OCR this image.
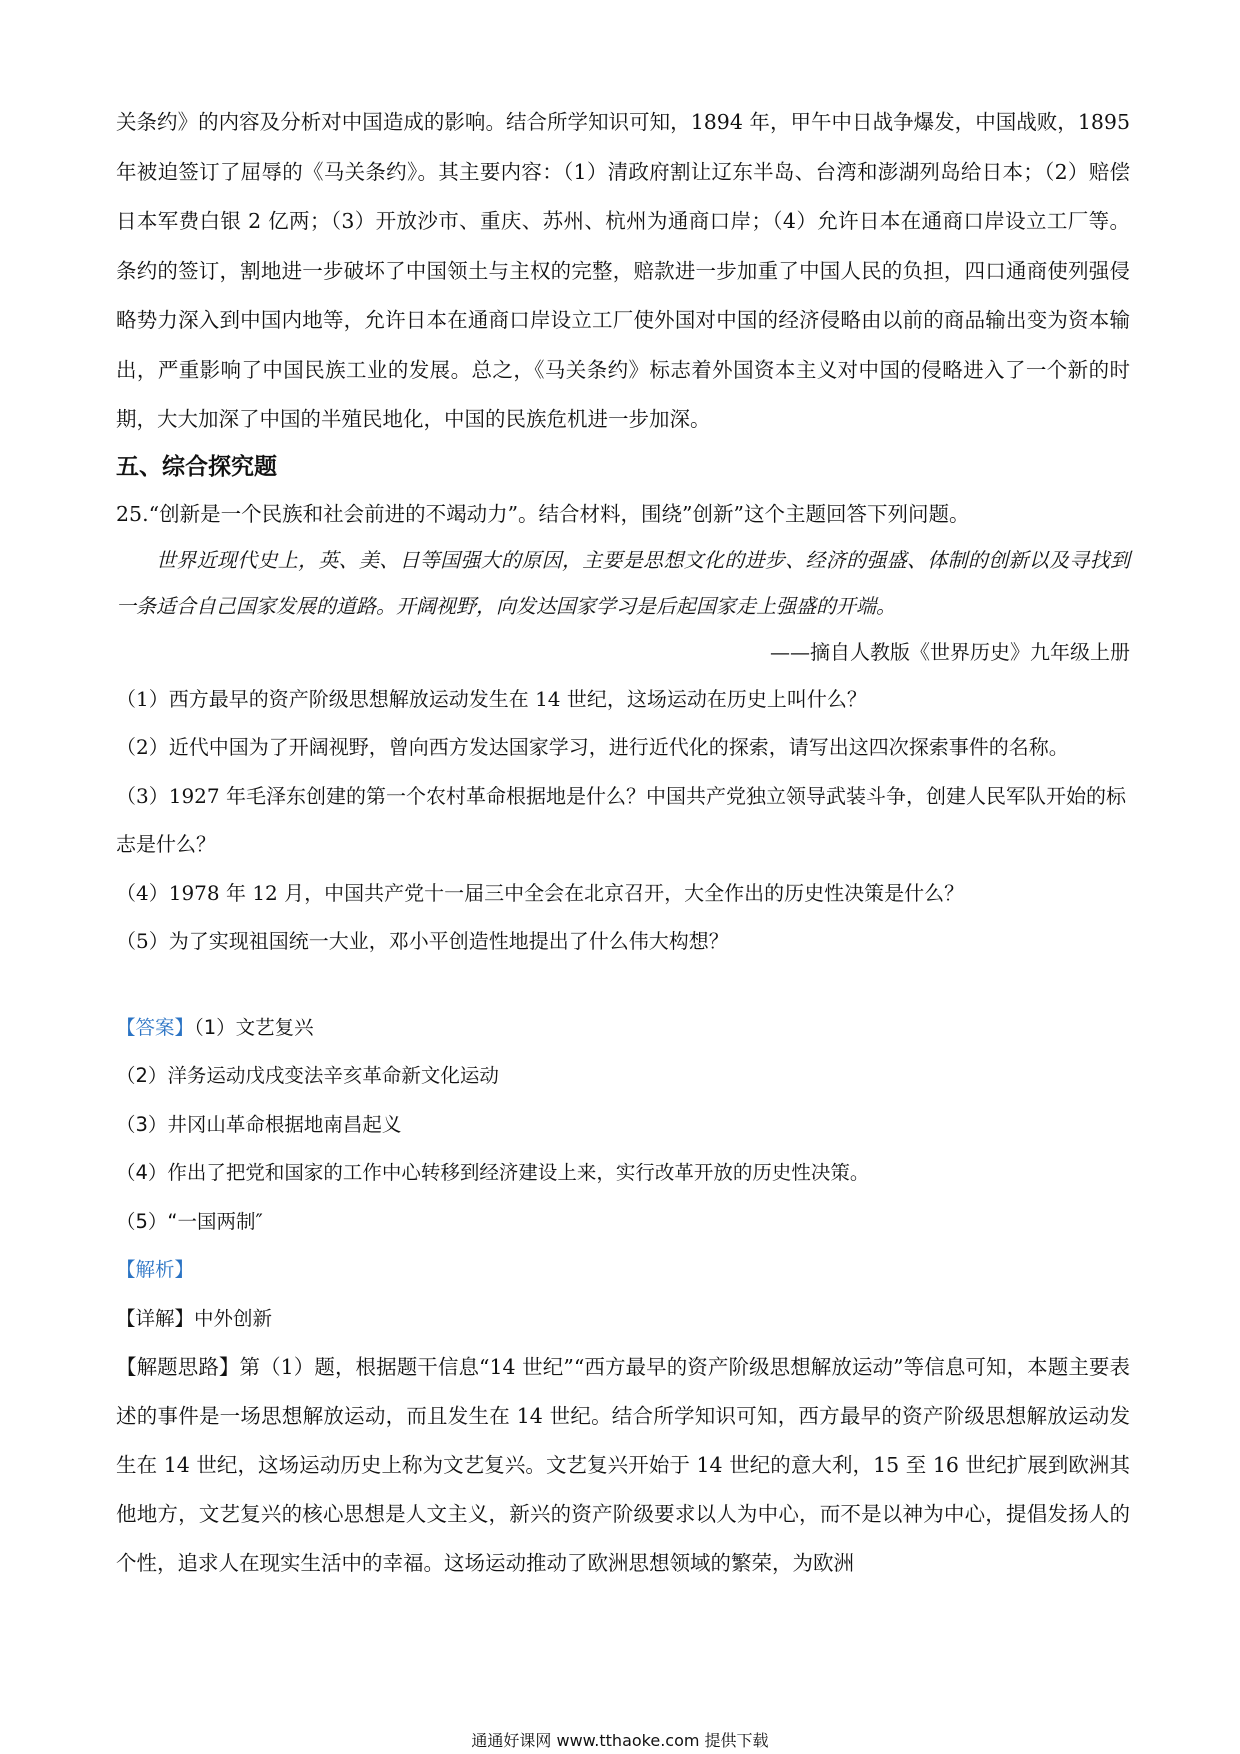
关条约》的内容及分析对中国造成的影响。结合所学知识可知，1894 年，甲午中日战争爆发，中国战败，1895 年被迫签订了屈辱的《马关条约》。其主要内容：（1）清政府割让辽东半岛、台湾和澎湖列岛给日本；（2）赔偿日本军费白银 2 亿两；（3）开放沙市、重庆、苏州、杭州为通商口岸；（4）允许日本在通商口岸设立工厂等。条约的签订，割地进一步破坏了中国领土与主权的完整，赔款进一步加重了中国人民的负担，四口通商使列强侵略势力深入到中国内地等，允许日本在通商口岸设立工厂使外国对中国的经济侵略由以前的商品输出变为资本输出，严重影响了中国民族工业的发展。总之，《马关条约》标志着外国资本主义对中国的侵略进入了一个新的时期，大大加深了中国的半殖民地化，中国的民族危机进一步加深。

五、综合探究题

25.“创新是一个民族和社会前进的不竭动力”。结合材料，围绕”创新”这个主题回答下列问题。

世界近现代史上，英、美、日等国强大的原因，主要是思想文化的进步、经济的强盛、体制的创新以及寻找到一条适合自己国家发展的道路。开阔视野，向发达国家学习是后起国家走上强盛的开端。

——摘自人教版《世界历史》九年级上册

（1）西方最早的资产阶级思想解放运动发生在 14 世纪，这场运动在历史上叫什么？

（2）近代中国为了开阔视野，曾向西方发达国家学习，进行近代化的探索，请写出这四次探索事件的名称。

（3）1927 年毛泽东创建的第一个农村革命根据地是什么？中国共产党独立领导武装斗争，创建人民军队开始的标志是什么？

（4）1978 年 12 月，中国共产党十一届三中全会在北京召开，大全作出的历史性决策是什么？

（5）为了实现祖国统一大业，邓小平创造性地提出了什么伟大构想？

【答案】（1）文艺复兴

（2）洋务运动戊戌变法辛亥革命新文化运动

（3）井冈山革命根据地南昌起义

（4）作出了把党和国家的工作中心转移到经济建设上来，实行改革开放的历史性决策。

（5）“一国两制″

【解析】

【详解】中外创新

【解题思路】第（1）题，根据题干信息“14 世纪”“西方最早的资产阶级思想解放运动”等信息可知，本题主要表述的事件是一场思想解放运动，而且发生在 14 世纪。结合所学知识可知，西方最早的资产阶级思想解放运动发生在 14 世纪，这场运动历史上称为文艺复兴。文艺复兴开始于 14 世纪的意大利，15 至 16 世纪扩展到欧洲其他地方，文艺复兴的核心思想是人文主义，新兴的资产阶级要求以人为中心，而不是以神为中心，提倡发扬人的个性，追求人在现实生活中的幸福。这场运动推动了欧洲思想领域的繁荣，为欧洲

通通好课网 www.tthaoke.com 提供下载
